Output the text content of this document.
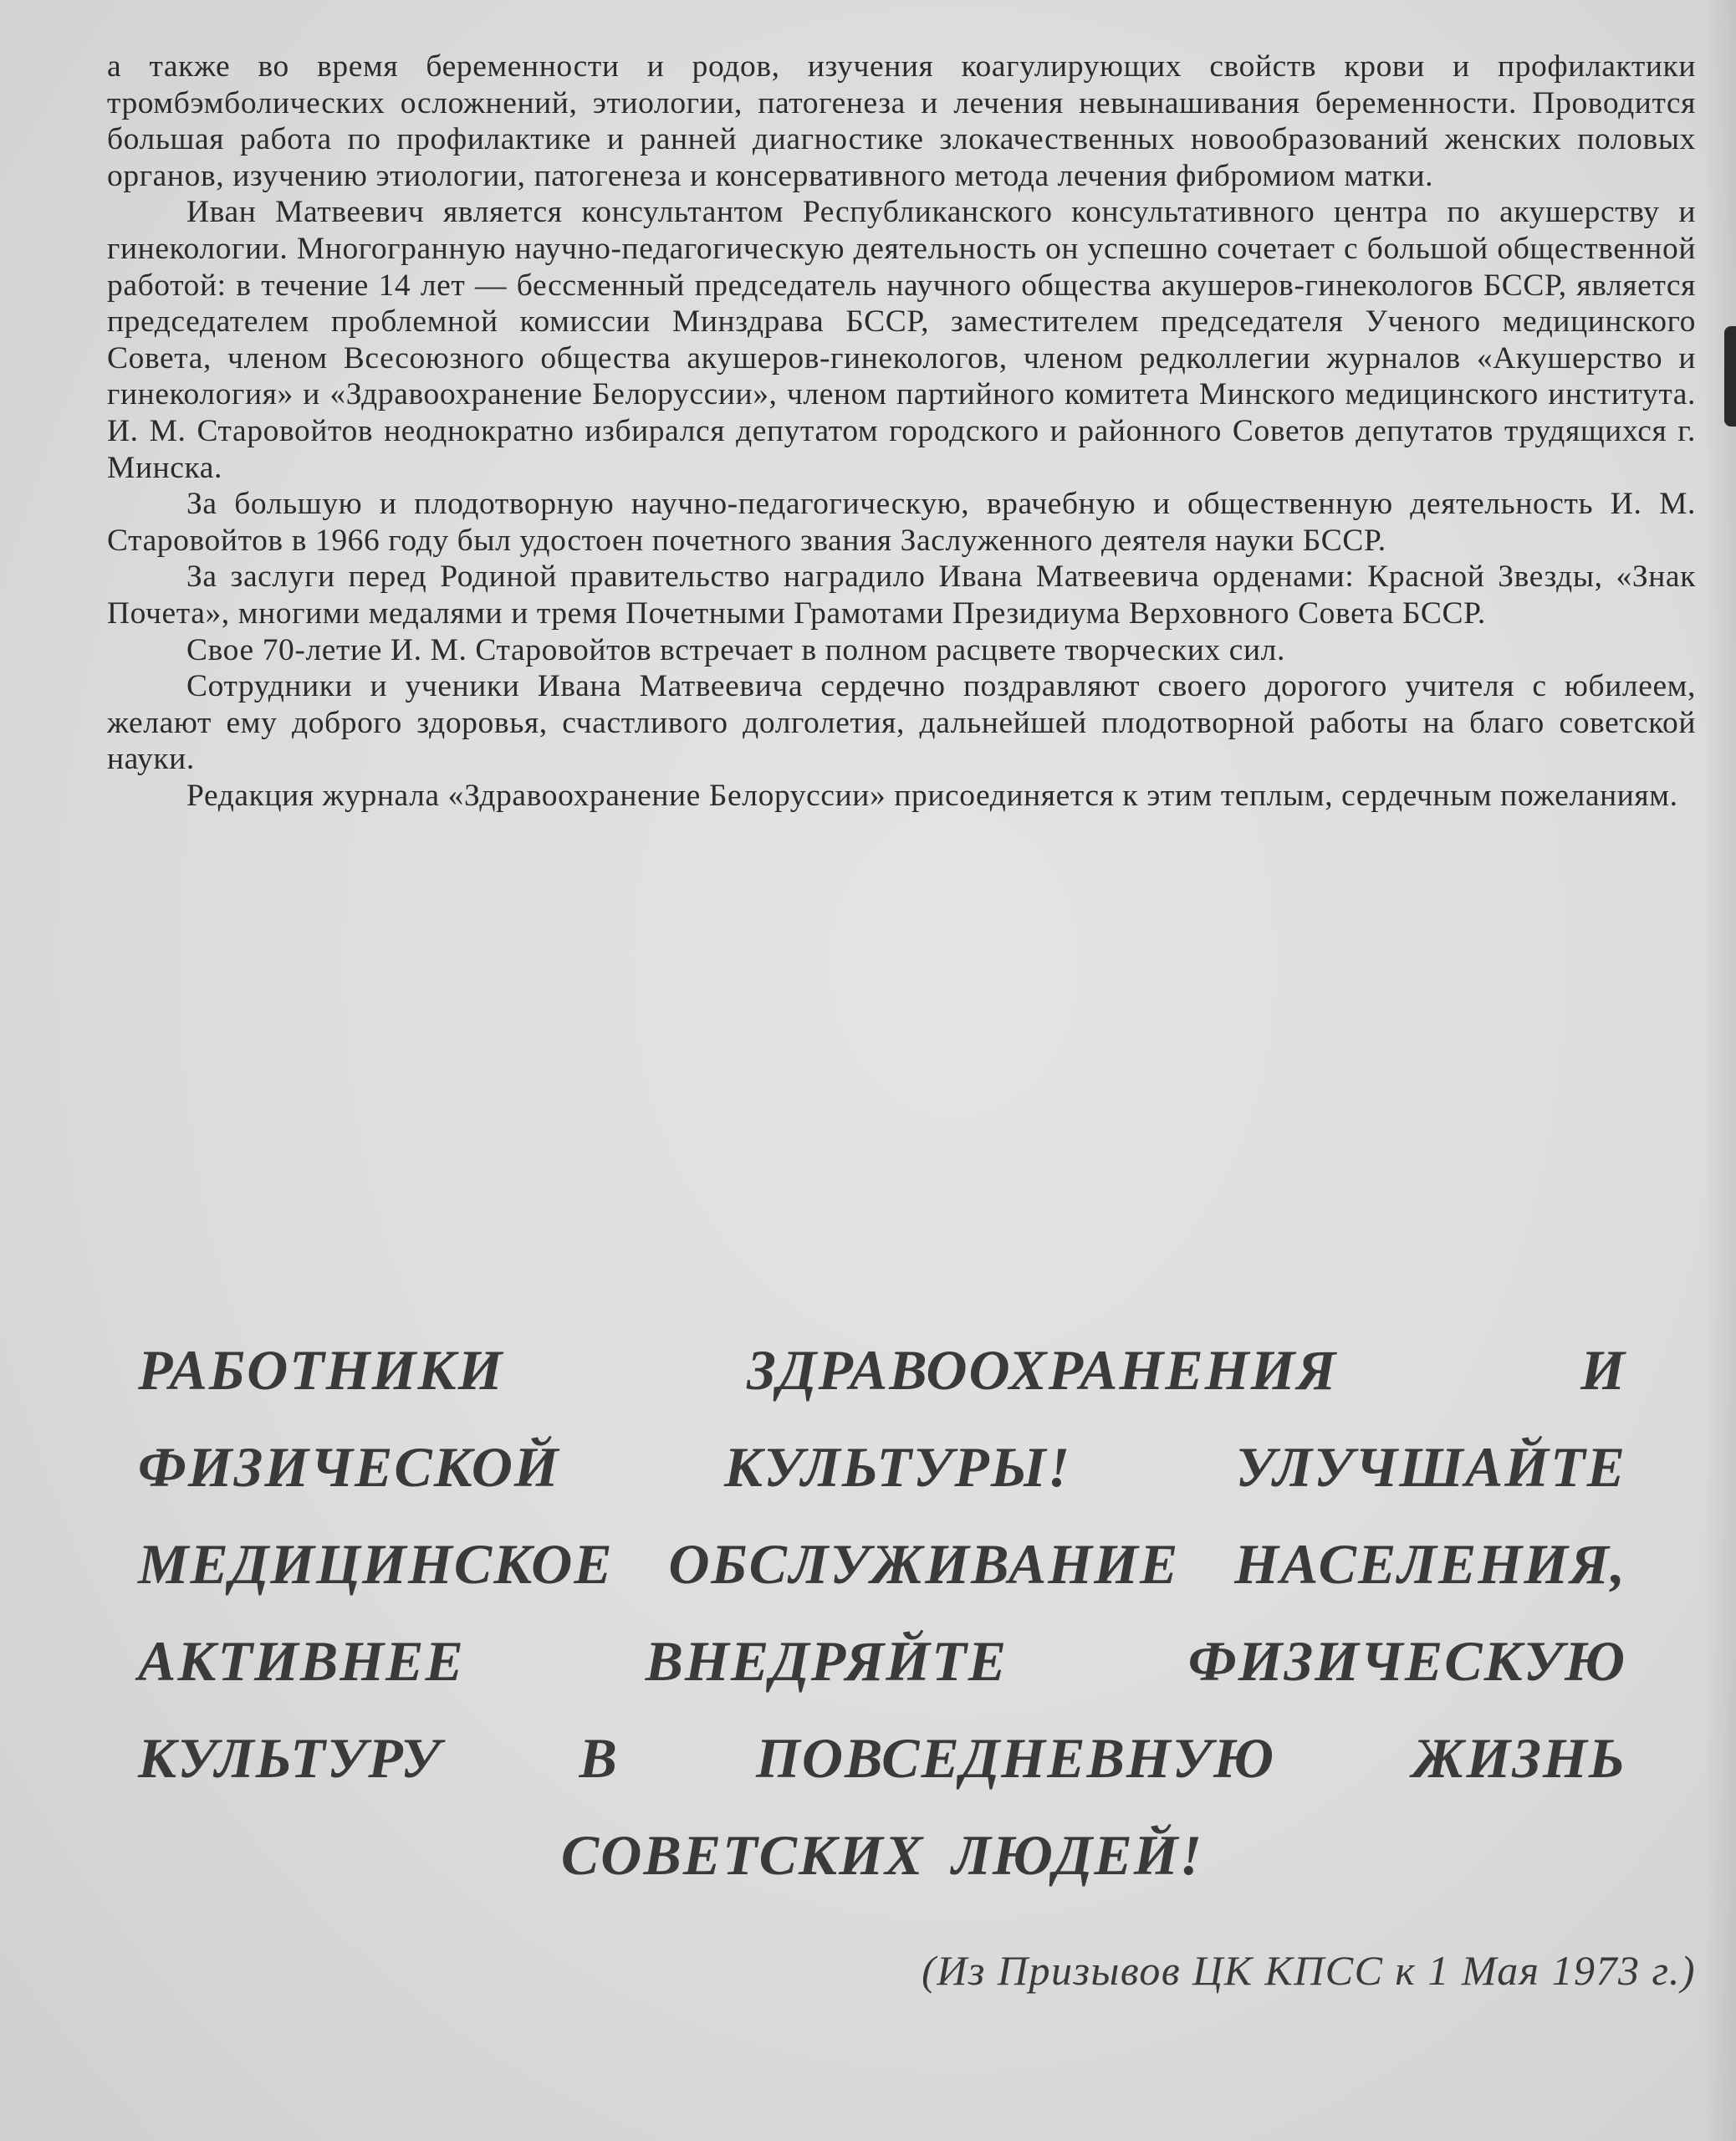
а также во время беременности и родов, изучения коагулирующих свойств крови и профилактики тромбэмболических осложнений, этиологии, патогенеза и лечения невынашивания беременности. Проводится большая работа по профилактике и ранней диагностике злокачественных новообразований женских половых органов, изучению этиологии, патогенеза и консервативного метода лечения фибромиом матки.

Иван Матвеевич является консультантом Республиканского консультативного центра по акушерству и гинекологии. Многогранную научно-педагогическую деятельность он успешно сочетает с большой общественной работой: в течение 14 лет — бессменный председатель научного общества акушеров-гинекологов БССР, является председателем проблемной комиссии Минздрава БССР, заместителем председателя Ученого медицинского Совета, членом Всесоюзного общества акушеров-гинекологов, членом редколлегии журналов «Акушерство и гинекология» и «Здравоохранение Белоруссии», членом партийного комитета Минского медицинского института. И. М. Старовойтов неоднократно избирался депутатом городского и районного Советов депутатов трудящихся г. Минска.

За большую и плодотворную научно-педагогическую, врачебную и общественную деятельность И. М. Старовойтов в 1966 году был удостоен почетного звания Заслуженного деятеля науки БССР.

За заслуги перед Родиной правительство наградило Ивана Матвеевича орденами: Красной Звезды, «Знак Почета», многими медалями и тремя Почетными Грамотами Президиума Верховного Совета БССР.

Свое 70-летие И. М. Старовойтов встречает в полном расцвете творческих сил.

Сотрудники и ученики Ивана Матвеевича сердечно поздравляют своего дорогого учителя с юбилеем, желают ему доброго здоровья, счастливого долголетия, дальнейшей плодотворной работы на благо советской науки.

Редакция журнала «Здравоохранение Белоруссии» присоединяется к этим теплым, сердечным пожеланиям.

РАБОТНИКИ ЗДРАВООХРАНЕНИЯ И ФИЗИЧЕСКОЙ КУЛЬТУРЫ! УЛУЧШАЙТЕ МЕДИЦИНСКОЕ ОБСЛУЖИВАНИЕ НАСЕЛЕНИЯ, АКТИВНЕЕ ВНЕДРЯЙТЕ ФИЗИЧЕСКУЮ КУЛЬТУРУ В ПОВСЕДНЕВНУЮ ЖИЗНЬ СОВЕТСКИХ ЛЮДЕЙ!
(Из Призывов ЦК КПСС к 1 Мая 1973 г.)
